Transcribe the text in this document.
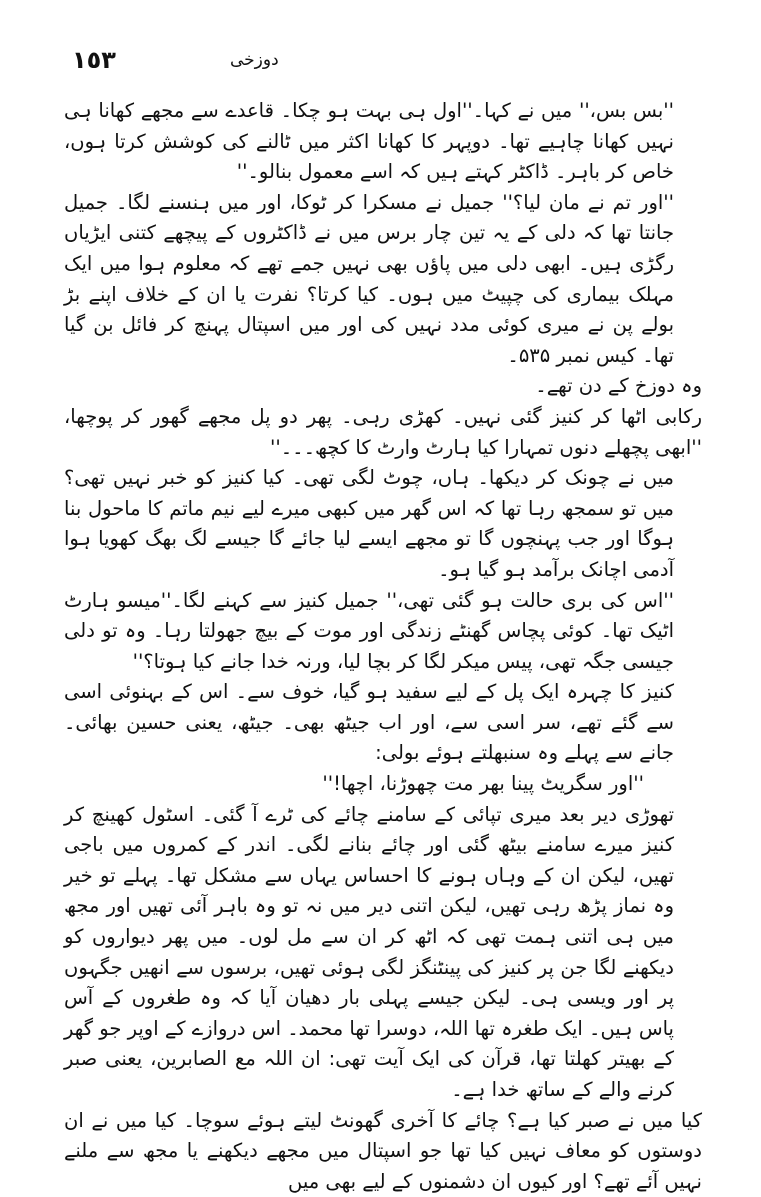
١٥٣	دوزخی

''بس بس،'' میں نے کہا۔''اول ہی بہت ہو چکا۔ قاعدے سے مجھے کھانا ہی نہیں کھانا چاہیے تھا۔ دوپہر کا کھانا اکثر میں ٹالنے کی کوشش کرتا ہوں، خاص کر باہر۔ ڈاکٹر کہتے ہیں کہ اسے معمول بنالو۔''

''اور تم نے مان لیا؟'' جمیل نے مسکرا کر ٹوکا، اور میں ہنسنے لگا۔ جمیل جانتا تھا کہ دلی کے یہ تین چار برس میں نے ڈاکٹروں کے پیچھے کتنی ایڑیاں رگڑی ہیں۔ ابھی دلی میں پاؤں بھی نہیں جمے تھے کہ معلوم ہوا میں ایک مہلک بیماری کی چپیٹ میں ہوں۔ کیا کرتا؟ نفرت یا ان کے خلاف اپنے بڑ بولے پن نے میری کوئی مدد نہیں کی اور میں اسپتال پہنچ کر فائل بن گیا تھا۔ کیس نمبر ۵۳۵۔

وہ دوزخ کے دن تھے۔

رکابی اٹھا کر کنیز گئی نہیں۔ کھڑی رہی۔ پھر دو پل مجھے گھور کر پوچھا، ''ابھی پچھلے دنوں تمہارا کیا ہارٹ وارٹ کا کچھ۔۔۔''

میں نے چونک کر دیکھا۔ ہاں، چوٹ لگی تھی۔ کیا کنیز کو خبر نہیں تھی؟ میں تو سمجھ رہا تھا کہ اس گھر میں کبھی میرے لیے نیم ماتم کا ماحول بنا ہوگا اور جب پہنچوں گا تو مجھے ایسے لیا جائے گا جیسے لگ بھگ کھویا ہوا آدمی اچانک برآمد ہو گیا ہو۔

''اس کی بری حالت ہو گئی تھی،'' جمیل کنیز سے کہنے لگا۔''میسو ہارٹ اٹیک تھا۔ کوئی پچاس گھنٹے زندگی اور موت کے بیچ جھولتا رہا۔ وہ تو دلی جیسی جگہ تھی، پیس میکر لگا کر بچا لیا، ورنہ خدا جانے کیا ہوتا؟''

کنیز کا چہرہ ایک پل کے لیے سفید ہو گیا، خوف سے۔ اس کے بہنوئی اسی سے گئے تھے، سر اسی سے، اور اب جیٹھ بھی۔ جیٹھ، یعنی حسین بھائی۔ جانے سے پہلے وہ سنبھلتے ہوئے بولی:

''اور سگریٹ پینا بھر مت چھوڑنا، اچھا!''

تھوڑی دیر بعد میری تپائی کے سامنے چائے کی ٹرے آ گئی۔ اسٹول کھینچ کر کنیز میرے سامنے بیٹھ گئی اور چائے بنانے لگی۔ اندر کے کمروں میں باجی تھیں، لیکن ان کے وہاں ہونے کا احساس یہاں سے مشکل تھا۔ پہلے تو خیر وہ نماز پڑھ رہی تھیں، لیکن اتنی دیر میں نہ تو وہ باہر آئی تھیں اور مجھ میں ہی اتنی ہمت تھی کہ اٹھ کر ان سے مل لوں۔ میں پھر دیواروں کو دیکھنے لگا جن پر کنیز کی پینٹنگز لگی ہوئی تھیں، برسوں سے انھیں جگہوں پر اور ویسی ہی۔ لیکن جیسے پہلی بار دھیان آیا کہ وہ طغروں کے آس پاس ہیں۔ ایک طغرہ تھا اللہ، دوسرا تھا محمد۔ اس دروازے کے اوپر جو گھر کے بھیتر کھلتا تھا، قرآن کی ایک آیت تھی: ان اللہ مع الصابرین، یعنی صبر کرنے والے کے ساتھ خدا ہے۔

کیا میں نے صبر کیا ہے؟ چائے کا آخری گھونٹ لیتے ہوئے سوچا۔ کیا میں نے ان دوستوں کو معاف نہیں کیا تھا جو اسپتال میں مجھے دیکھنے یا مجھ سے ملنے نہیں آئے تھے؟ اور کیوں ان دشمنوں کے لیے بھی میں
